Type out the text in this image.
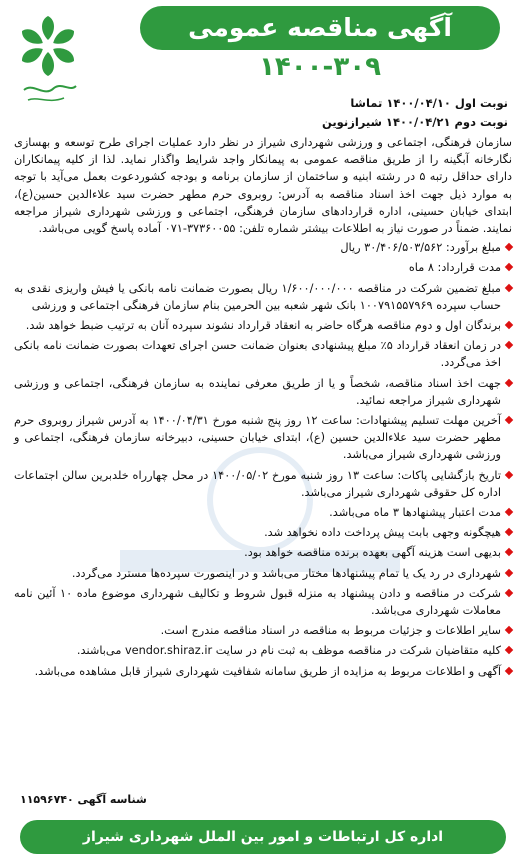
آگهی مناقصه عمومی
۱۴۰۰-۳۰۹
نوبت اول ۱۴۰۰/۰۴/۱۰ تماشا
نوبت دوم ۱۴۰۰/۰۴/۲۱ شیرازنوین

سازمان فرهنگی، اجتماعی و ورزشی شهرداری شیراز در نظر دارد عملیات اجرای طرح توسعه و بهسازی نگارخانه آبگینه را از طریق مناقصه عمومی به پیمانکار واجد شرایط واگذار نماید. لذا از کلیه پیمانکاران دارای حداقل رتبه ۵ در رشته ابنیه و ساختمان از سازمان برنامه و بودجه کشوردعوت بعمل می‌آید با توجه به موارد ذیل جهت اخذ اسناد مناقصه به آدرس: روبروی حرم مطهر حضرت سید علاءالدین حسین(ع)، ابتدای خیابان حسینی، اداره قراردادهای سازمان فرهنگی، اجتماعی و ورزشی شهرداری شیراز مراجعه نمایند. ضمناً در صورت نیاز به اطلاعات بیشتر شماره تلفن: ۳۷۳۶۰۰۵۵-۰۷۱ آماده پاسخ گویی می‌باشد.

مبلغ برآورد: ۳۰/۴۰۶/۵۰۳/۵۶۲ ریال
مدت قرارداد: ۸ ماه
مبلغ تضمین شرکت در مناقصه ۱/۶۰۰/۰۰۰/۰۰۰ ریال بصورت ضمانت نامه بانکی یا فیش واریزی نقدی به حساب سپرده ۱۰۰۷۹۱۵۵۷۹۶۹ بانک شهر شعبه بین الحرمین بنام سازمان فرهنگی اجتماعی و ورزشی
برندگان اول و دوم مناقصه هرگاه حاضر به انعقاد قرارداد نشوند سپرده آنان به ترتیب ضبط خواهد شد.
در زمان انعقاد قرارداد ۵٪ مبلغ پیشنهادی بعنوان ضمانت حسن اجرای تعهدات بصورت ضمانت نامه بانکی اخذ می‌گردد.
جهت اخذ اسناد مناقصه، شخصاً و یا از طریق معرفی نماینده به سازمان فرهنگی، اجتماعی و ورزشی شهرداری شیراز مراجعه نمائید.
آخرین مهلت تسلیم پیشنهادات: ساعت ۱۲ روز پنج شنبه مورخ ۱۴۰۰/۰۴/۳۱ به آدرس شیراز روبروی حرم مطهر حضرت سید علاءالدین حسین (ع)، ابتدای خیابان حسینی، دبیرخانه سازمان فرهنگی، اجتماعی و ورزشی شهرداری شیراز می‌باشد.
تاریخ بازگشایی پاکات: ساعت ۱۳ روز شنبه مورخ ۱۴۰۰/۰۵/۰۲ در محل چهارراه خلدبرین سالن اجتماعات اداره کل حقوقی شهرداری شیراز می‌باشد.
مدت اعتبار پیشنهادها ۳ ماه می‌باشد.
هیچگونه وجهی بابت پیش پرداخت داده نخواهد شد.
بدیهی است هزینه آگهی بعهده برنده مناقصه خواهد بود.
شهرداری در رد یک یا تمام پیشنهادها مختار می‌باشد و در اینصورت سپرده‌ها مسترد می‌گردد.
شرکت در مناقصه و دادن پیشنهاد به منزله قبول شروط و تکالیف شهرداری موضوع ماده ۱۰ آئین نامه معاملات شهرداری می‌باشد.
سایر اطلاعات و جزئیات مربوط به مناقصه در اسناد مناقصه مندرج است.
کلیه متقاضیان شرکت در مناقصه موظف به ثبت نام در سایت vendor.shiraz.ir می‌باشند.
آگهی و اطلاعات مربوط به مزایده از طریق سامانه شفافیت شهرداری شیراز قابل مشاهده می‌باشد.
شناسه آگهی ۱۱۵۹۶۷۴۰
اداره کل ارتباطات و امور بین الملل شهرداری شیراز
